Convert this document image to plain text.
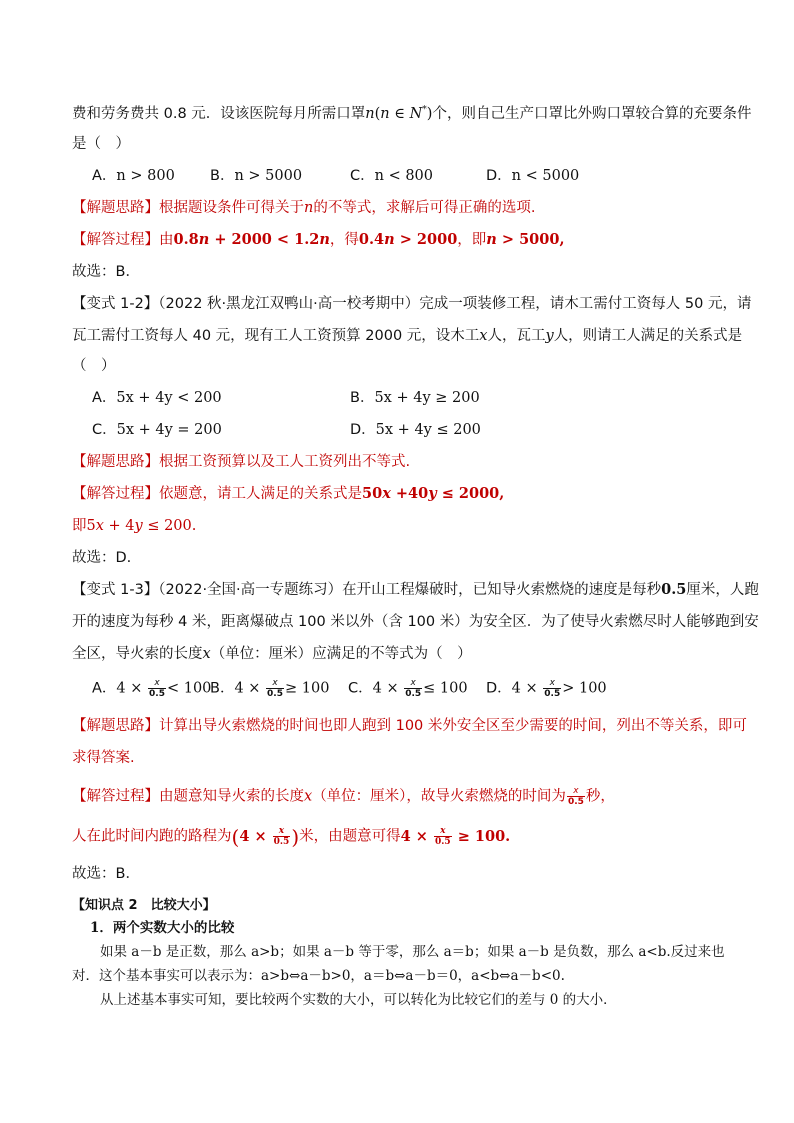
费和劳务费共 0.8 元．设该医院每月所需口罩n(n ∈ N*)个，则自己生产口罩比外购口罩较合算的充要条件
是（　）
A．n > 800 B．n > 5000	C．n < 800	D．n < 5000
【解题思路】根据题设条件可得关于n的不等式，求解后可得正确的选项.
【解答过程】由0.8n + 2000 < 1.2n，得0.4n > 2000，即n > 5000,
故选：B．
【变式 1-2】（2022 秋·黑龙江双鸭山·高一校考期中）完成一项装修工程，请木工需付工资每人 50 元，请
瓦工需付工资每人 40 元，现有工人工资预算 2000 元，设木工x人，瓦工y人，则请工人满足的关系式是
（　）
A．5x + 4y < 200	B．5x + 4y ≥ 200
C．5x + 4y = 200	D．5x + 4y ≤ 200
【解题思路】根据工资预算以及工人工资列出不等式.
【解答过程】依题意，请工人满足的关系式是50x +40y ≤ 2000,
即5x + 4y ≤ 200.
故选：D.
【变式 1-3】（2022·全国·高一专题练习）在开山工程爆破时，已知导火索燃烧的速度是每秒0.5厘米，人跑
开的速度为每秒 4 米，距离爆破点 100 米以外（含 100 米）为安全区．为了使导火索燃尽时人能够跑到安
全区，导火索的长度x（单位：厘米）应满足的不等式为（　）
A．$4 \times \frac{x}{0.5} < 100B$．$4 \times \frac{x}{0.5} \ge 100$ C．$4 \times \frac{x}{0.5} \le 100$ D．$4 \times \frac{x}{0.5} > 100$
【解题思路】计算出导火索燃烧的时间也即人跑到 100 米外安全区至少需要的时间，列出不等关系，即可
求得答案.
【解答过程】由题意知导火索的长度x（单位：厘米），故导火索燃烧的时间为 $\frac{x}{0.5}$ 秒，
人在此时间内跑的路程为($4 \times \frac{x}{0.5}$ )米，由题意可得$4 \times \frac{x}{0.5} \ge 100$.
故选：B．
【知识点 2　比较大小】
1．两个实数大小的比较
如果 a－b 是正数，那么 a>b；如果 a－b 等于零，那么 a＝b；如果 a－b 是负数，那么 a<b.反过来也
对．这个基本事实可以表示为：a>b⇔a－b>0，a＝b⇔a－b＝0，a<b⇔a－b<0.
从上述基本事实可知，要比较两个实数的大小，可以转化为比较它们的差与 0 的大小．
